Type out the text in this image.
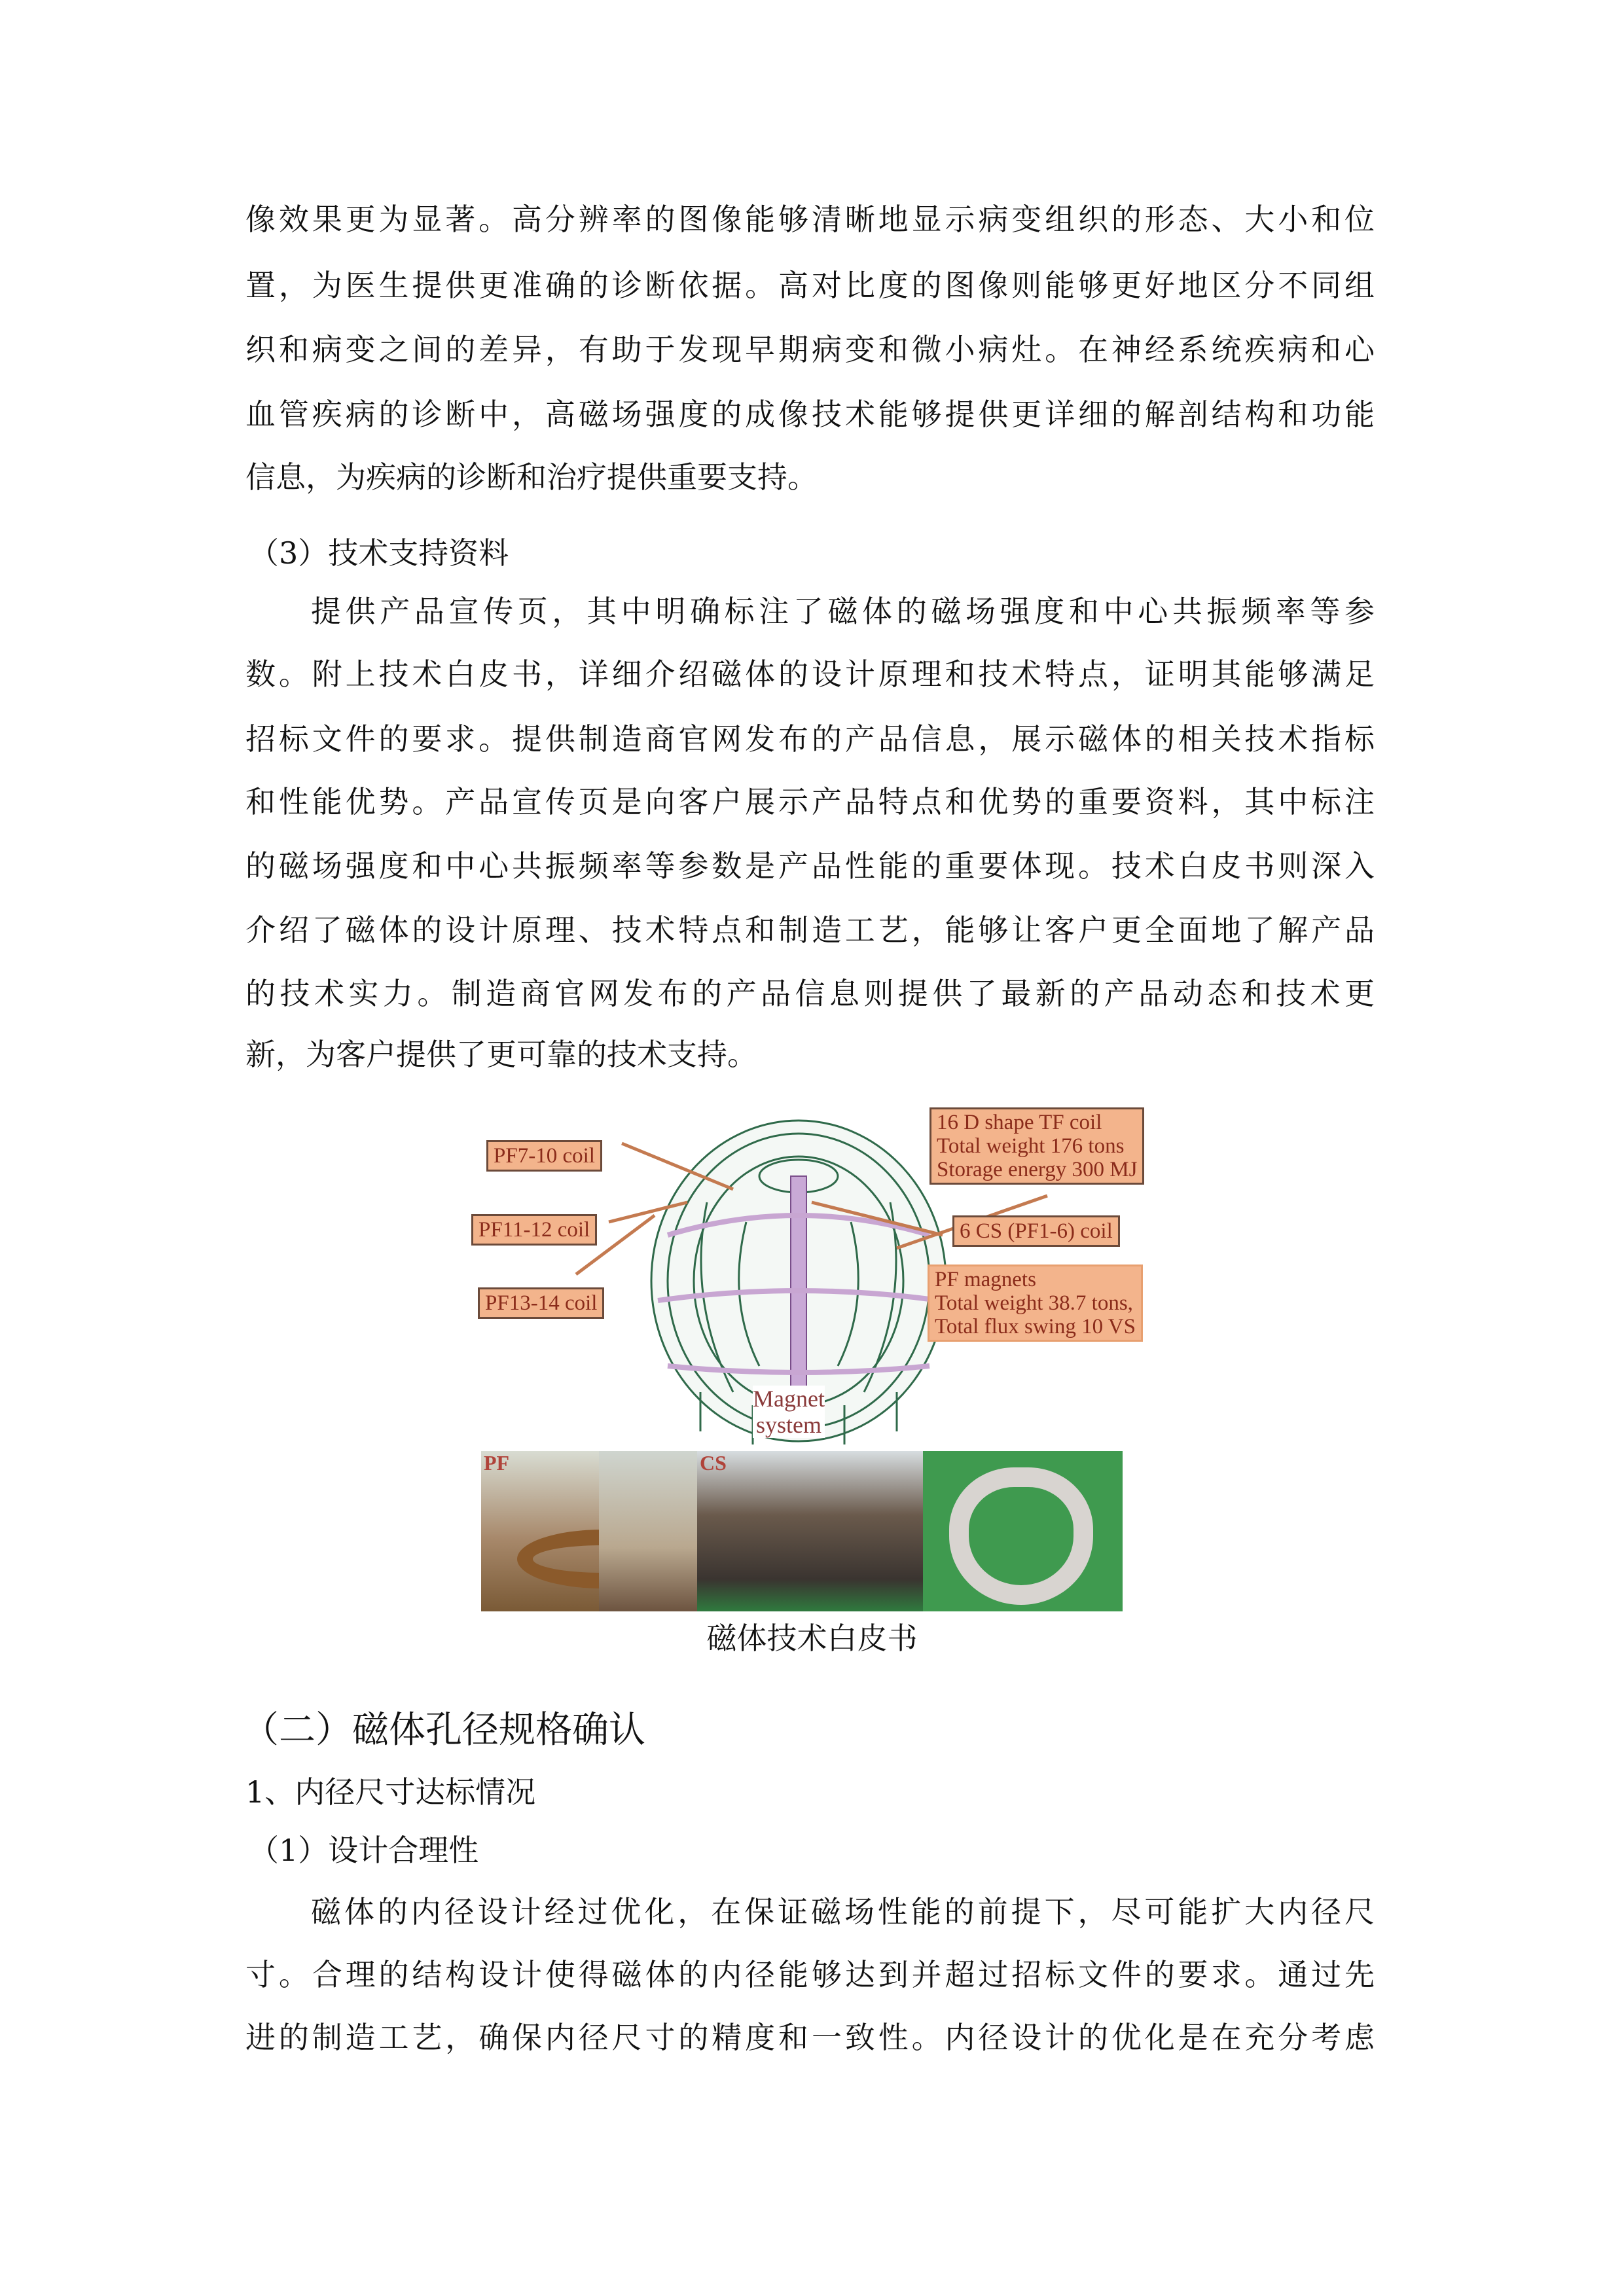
像效果更为显著。高分辨率的图像能够清晰地显示病变组织的形态、大小和位
置，为医生提供更准确的诊断依据。高对比度的图像则能够更好地区分不同组
织和病变之间的差异，有助于发现早期病变和微小病灶。在神经系统疾病和心
血管疾病的诊断中，高磁场强度的成像技术能够提供更详细的解剖结构和功能
信息，为疾病的诊断和治疗提供重要支持。
（3）技术支持资料
提供产品宣传页，其中明确标注了磁体的磁场强度和中心共振频率等参
数。附上技术白皮书，详细介绍磁体的设计原理和技术特点，证明其能够满足
招标文件的要求。提供制造商官网发布的产品信息，展示磁体的相关技术指标
和性能优势。产品宣传页是向客户展示产品特点和优势的重要资料，其中标注
的磁场强度和中心共振频率等参数是产品性能的重要体现。技术白皮书则深入
介绍了磁体的设计原理、技术特点和制造工艺，能够让客户更全面地了解产品
的技术实力。制造商官网发布的产品信息则提供了最新的产品动态和技术更
新，为客户提供了更可靠的技术支持。
PF7-10 coil
PF11-12 coil
PF13-14 coil
16 D shape TF coil
Total weight 176 tons
Storage energy 300 MJ
6 CS (PF1-6) coil
PF magnets
Total weight 38.7 tons,
Total flux swing 10 VS
Magnet
system
PF	CS
磁体技术白皮书
（二）磁体孔径规格确认
1、内径尺寸达标情况
（1）设计合理性
磁体的内径设计经过优化，在保证磁场性能的前提下，尽可能扩大内径尺
寸。合理的结构设计使得磁体的内径能够达到并超过招标文件的要求。通过先
进的制造工艺，确保内径尺寸的精度和一致性。内径设计的优化是在充分考虑
